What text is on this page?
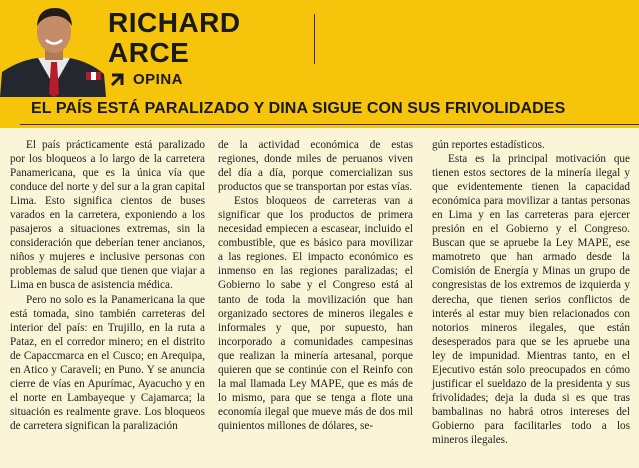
RICHARD
ARCE
OPINA
EL PAÍS ESTÁ PARALIZADO Y DINA SIGUE CON SUS FRIVOLIDADES

El país prácticamente está paralizado por los bloqueos a lo largo de la carretera Panamericana, que es la única vía que conduce del norte y del sur a la gran capital Lima. Esto significa cientos de buses varados en la carretera, exponiendo a los pasajeros a situaciones extremas, sin la consideración que deberían tener ancianos, niños y mujeres e inclusive personas con problemas de salud que tienen que viajar a Lima en busca de asistencia médica.

Pero no solo es la Panamericana la que está tomada, sino también carreteras del interior del país: en Trujillo, en la ruta a Pataz, en el corredor minero; en el distrito de Capaccmarca en el Cusco; en Arequipa, en Atico y Caraveli; en Puno. Y se anuncia cierre de vías en Apurímac, Ayacucho y en el norte en Lambayeque y Cajamarca; la situación es realmente grave. Los bloqueos de carretera significan la paralización

de la actividad económica de estas regiones, donde miles de peruanos viven del día a día, porque comercializan sus productos que se transportan por estas vías.

Estos bloqueos de carreteras van a significar que los productos de primera necesidad empiecen a escasear, incluido el combustible, que es básico para movilizar a las regiones. El impacto económico es inmenso en las regiones paralizadas; el Gobierno lo sabe y el Congreso está al tanto de toda la movilización que han organizado sectores de mineros ilegales e informales y que, por supuesto, han incorporado a comunidades campesinas que realizan la minería artesanal, porque quieren que se continúe con el Reinfo con la mal llamada Ley MAPE, que es más de lo mismo, para que se tenga a flote una economía ilegal que mueve más de dos mil quinientos millones de dólares, se-

gún reportes estadísticos.

Esta es la principal motivación que tienen estos sectores de la minería ilegal y que evidentemente tienen la capacidad económica para movilizar a tantas personas en Lima y en las carreteras para ejercer presión en el Gobierno y el Congreso. Buscan que se apruebe la Ley MAPE, ese mamotreto que han armado desde la Comisión de Energía y Minas un grupo de congresistas de los extremos de izquierda y derecha, que tienen serios conflictos de interés al estar muy bien relacionados con notorios mineros ilegales, que están desesperados para que se les apruebe una ley de impunidad. Mientras tanto, en el Ejecutivo están solo preocupados en cómo justificar el sueldazo de la presidenta y sus frivolidades; deja la duda si es que tras bambalinas no habrá otros intereses del Gobierno para facilitarles todo a los mineros ilegales.
